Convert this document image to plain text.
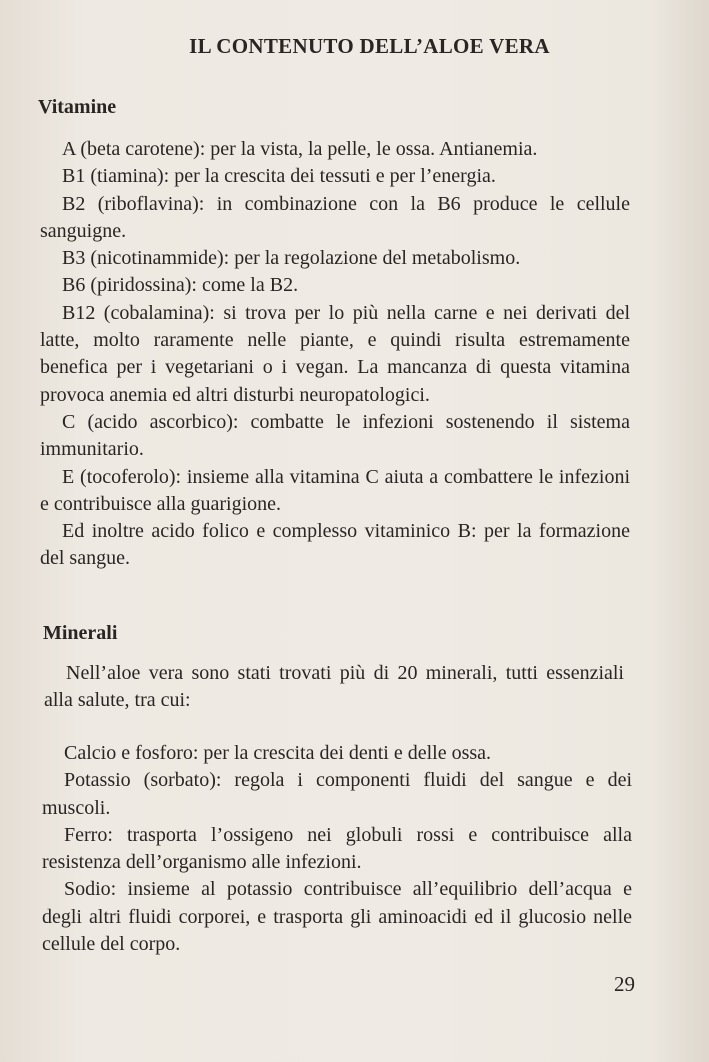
IL CONTENUTO DELL’ALOE VERA
Vitamine

A (beta carotene): per la vista, la pelle, le ossa. Antianemia.

B1 (tiamina): per la crescita dei tessuti e per l’energia.

B2 (riboflavina): in combinazione con la B6 produce le cellule sanguigne.

B3 (nicotinammide): per la regolazione del metabolismo.

B6 (piridossina): come la B2.

B12 (cobalamina): si trova per lo più nella carne e nei derivati del latte, molto raramente nelle piante, e quindi risulta estremamente benefica per i vegetariani o i vegan. La mancanza di questa vitamina provoca anemia ed altri disturbi neuropatologici.

C (acido ascorbico): combatte le infezioni sostenendo il sistema immunitario.

E (tocoferolo): insieme alla vitamina C aiuta a combattere le infezioni e contribuisce alla guarigione.

Ed inoltre acido folico e complesso vitaminico B: per la formazione del sangue.

Minerali

Nell’aloe vera sono stati trovati più di 20 minerali, tutti essenziali alla salute, tra cui:

Calcio e fosforo: per la crescita dei denti e delle ossa.

Potassio (sorbato): regola i componenti fluidi del sangue e dei muscoli.

Ferro: trasporta l’ossigeno nei globuli rossi e contribuisce alla resistenza dell’organismo alle infezioni.

Sodio: insieme al potassio contribuisce all’equilibrio dell’acqua e degli altri fluidi corporei, e trasporta gli aminoacidi ed il glucosio nelle cellule del corpo.

29
